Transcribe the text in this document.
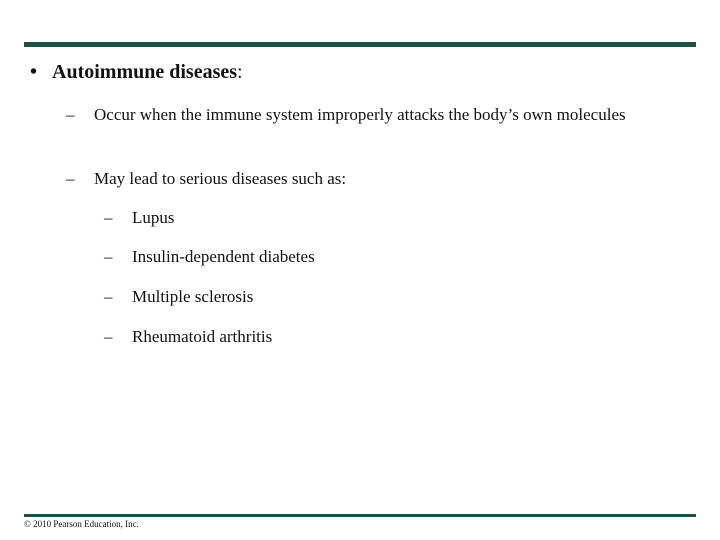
• Autoimmune diseases:
– Occur when the immune system improperly attacks the body’s own molecules
– May lead to serious diseases such as:
– Lupus
– Insulin-dependent diabetes
– Multiple sclerosis
– Rheumatoid arthritis
© 2010 Pearson Education, Inc.
